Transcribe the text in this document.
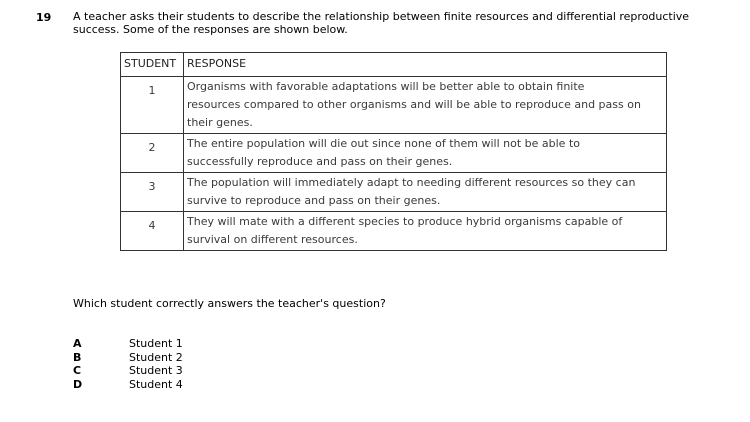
19 A teacher asks their students to describe the relationship between finite resources and differential reproductive
success. Some of the responses are shown below.
STUDENT	RESPONSE
1	Organisms with favorable adaptations will be better able to obtain finite
resources compared to other organisms and will be able to reproduce and pass on
their genes.

2	The entire population will die out since none of them will not be able to
successfully reproduce and pass on their genes.

3	The population will immediately adapt to needing different resources so they can
survive to reproduce and pass on their genes.

4	They will mate with a different species to produce hybrid organisms capable of
survival on different resources.
Which student correctly answers the teacher's question?
A	Student 1
B	Student 2
C	Student 3
D	Student 4
